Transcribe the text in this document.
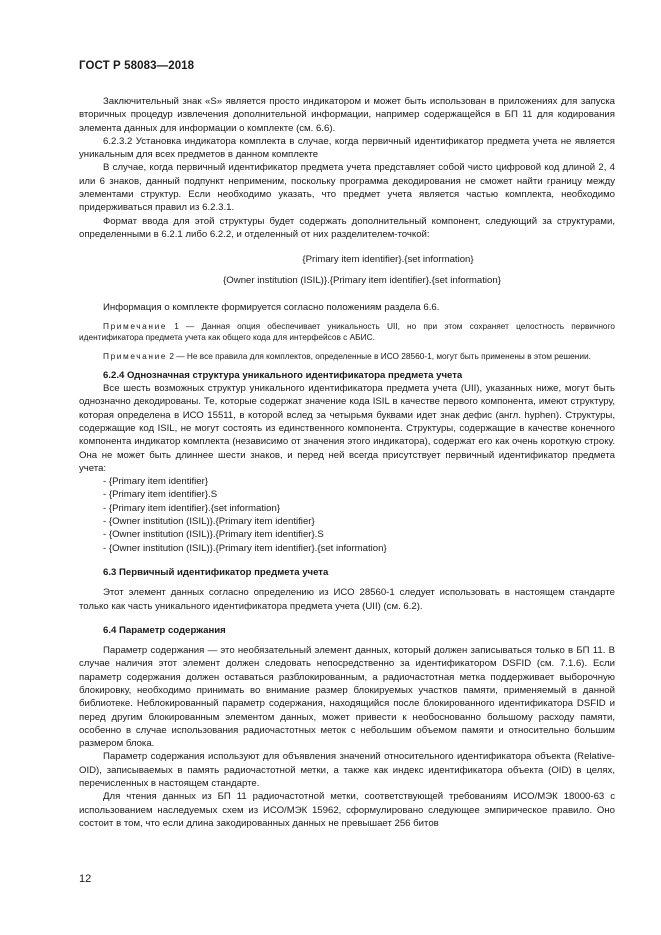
ГОСТ Р 58083—2018

Заключительный знак «S» является просто индикатором и может быть использован в приложениях для запуска вторичных процедур извлечения дополнительной информации, например содержащейся в БП 11 для кодирования элемента данных для информации о комплекте (см. 6.6).

6.2.3.2 Установка индикатора комплекта в случае, когда первичный идентификатор предмета учета не является уникальным для всех предметов в данном комплекте

В случае, когда первичный идентификатор предмета учета представляет собой чисто цифровой код длиной 2, 4 или 6 знаков, данный подпункт неприменим, поскольку программа декодирования не сможет найти границу между элементами структур. Если необходимо указать, что предмет учета является частью комплекта, необходимо придерживаться правил из 6.2.3.1.

Формат ввода для этой структуры будет содержать дополнительный компонент, следующий за структурами, определенными в 6.2.1 либо 6.2.2, и отделенный от них разделителем-точкой:

{Primary item identifier}.{set information}

{Owner institution (ISIL)}.{Primary item identifier}.{set information}

Информация о комплекте формируется согласно положениям раздела 6.6.

Примечание 1 — Данная опция обеспечивает уникальность UII, но при этом сохраняет целостность первичного идентификатора предмета учета как общего кода для интерфейсов с АБИС.

Примечание 2 — Не все правила для комплектов, определенные в ИСО 28560-1, могут быть применены в этом решении.

6.2.4 Однозначная структура уникального идентификатора предмета учета

Все шесть возможных структур уникального идентификатора предмета учета (UII), указанных ниже, могут быть однозначно декодированы. Те, которые содержат значение кода ISIL в качестве первого компонента, имеют структуру, которая определена в ИСО 15511, в которой вслед за четырьмя буквами идет знак дефис (англ. hyphen). Структуры, содержащие код ISIL, не могут состоять из единственного компонента. Структуры, содержащие в качестве конечного компонента индикатор комплекта (независимо от значения этого индикатора), содержат его как очень короткую строку. Она не может быть длиннее шести знаков, и перед ней всегда присутствует первичный идентификатор предмета учета:

- {Primary item identifier}
- {Primary item identifier}.S
- {Primary item identifier}.{set information}
- {Owner institution (ISIL)}.{Primary item identifier}
- {Owner institution (ISIL)}.{Primary item identifier}.S
- {Owner institution (ISIL)}.{Primary item identifier}.{set information}

6.3 Первичный идентификатор предмета учета

Этот элемент данных согласно определению из ИСО 28560-1 следует использовать в настоящем стандарте только как часть уникального идентификатора предмета учета (UII) (см. 6.2).

6.4 Параметр содержания

Параметр содержания — это необязательный элемент данных, который должен записываться только в БП 11. В случае наличия этот элемент должен следовать непосредственно за идентификатором DSFID (см. 7.1.6). Если параметр содержания должен оставаться разблокированным, а радиочастотная метка поддерживает выборочную блокировку, необходимо принимать во внимание размер блокируемых участков памяти, применяемый в данной библиотеке. Неблокированный параметр содержания, находящийся после блокированного идентификатора DSFID и перед другим блокированным элементом данных, может привести к необоснованно большому расходу памяти, особенно в случае использования радиочастотных меток с небольшим объемом памяти и относительно большим размером блока.

Параметр содержания используют для объявления значений относительного идентификатора объекта (Relative-OID), записываемых в память радиочастотной метки, а также как индекс идентификатора объекта (OID) в целях, перечисленных в настоящем стандарте.

Для чтения данных из БП 11 радиочастотной метки, соответствующей требованиям ИСО/МЭК 18000-63 с использованием наследуемых схем из ИСО/МЭК 15962, сформулировано следующее эмпирическое правило. Оно состоит в том, что если длина закодированных данных не превышает 256 битов

12
